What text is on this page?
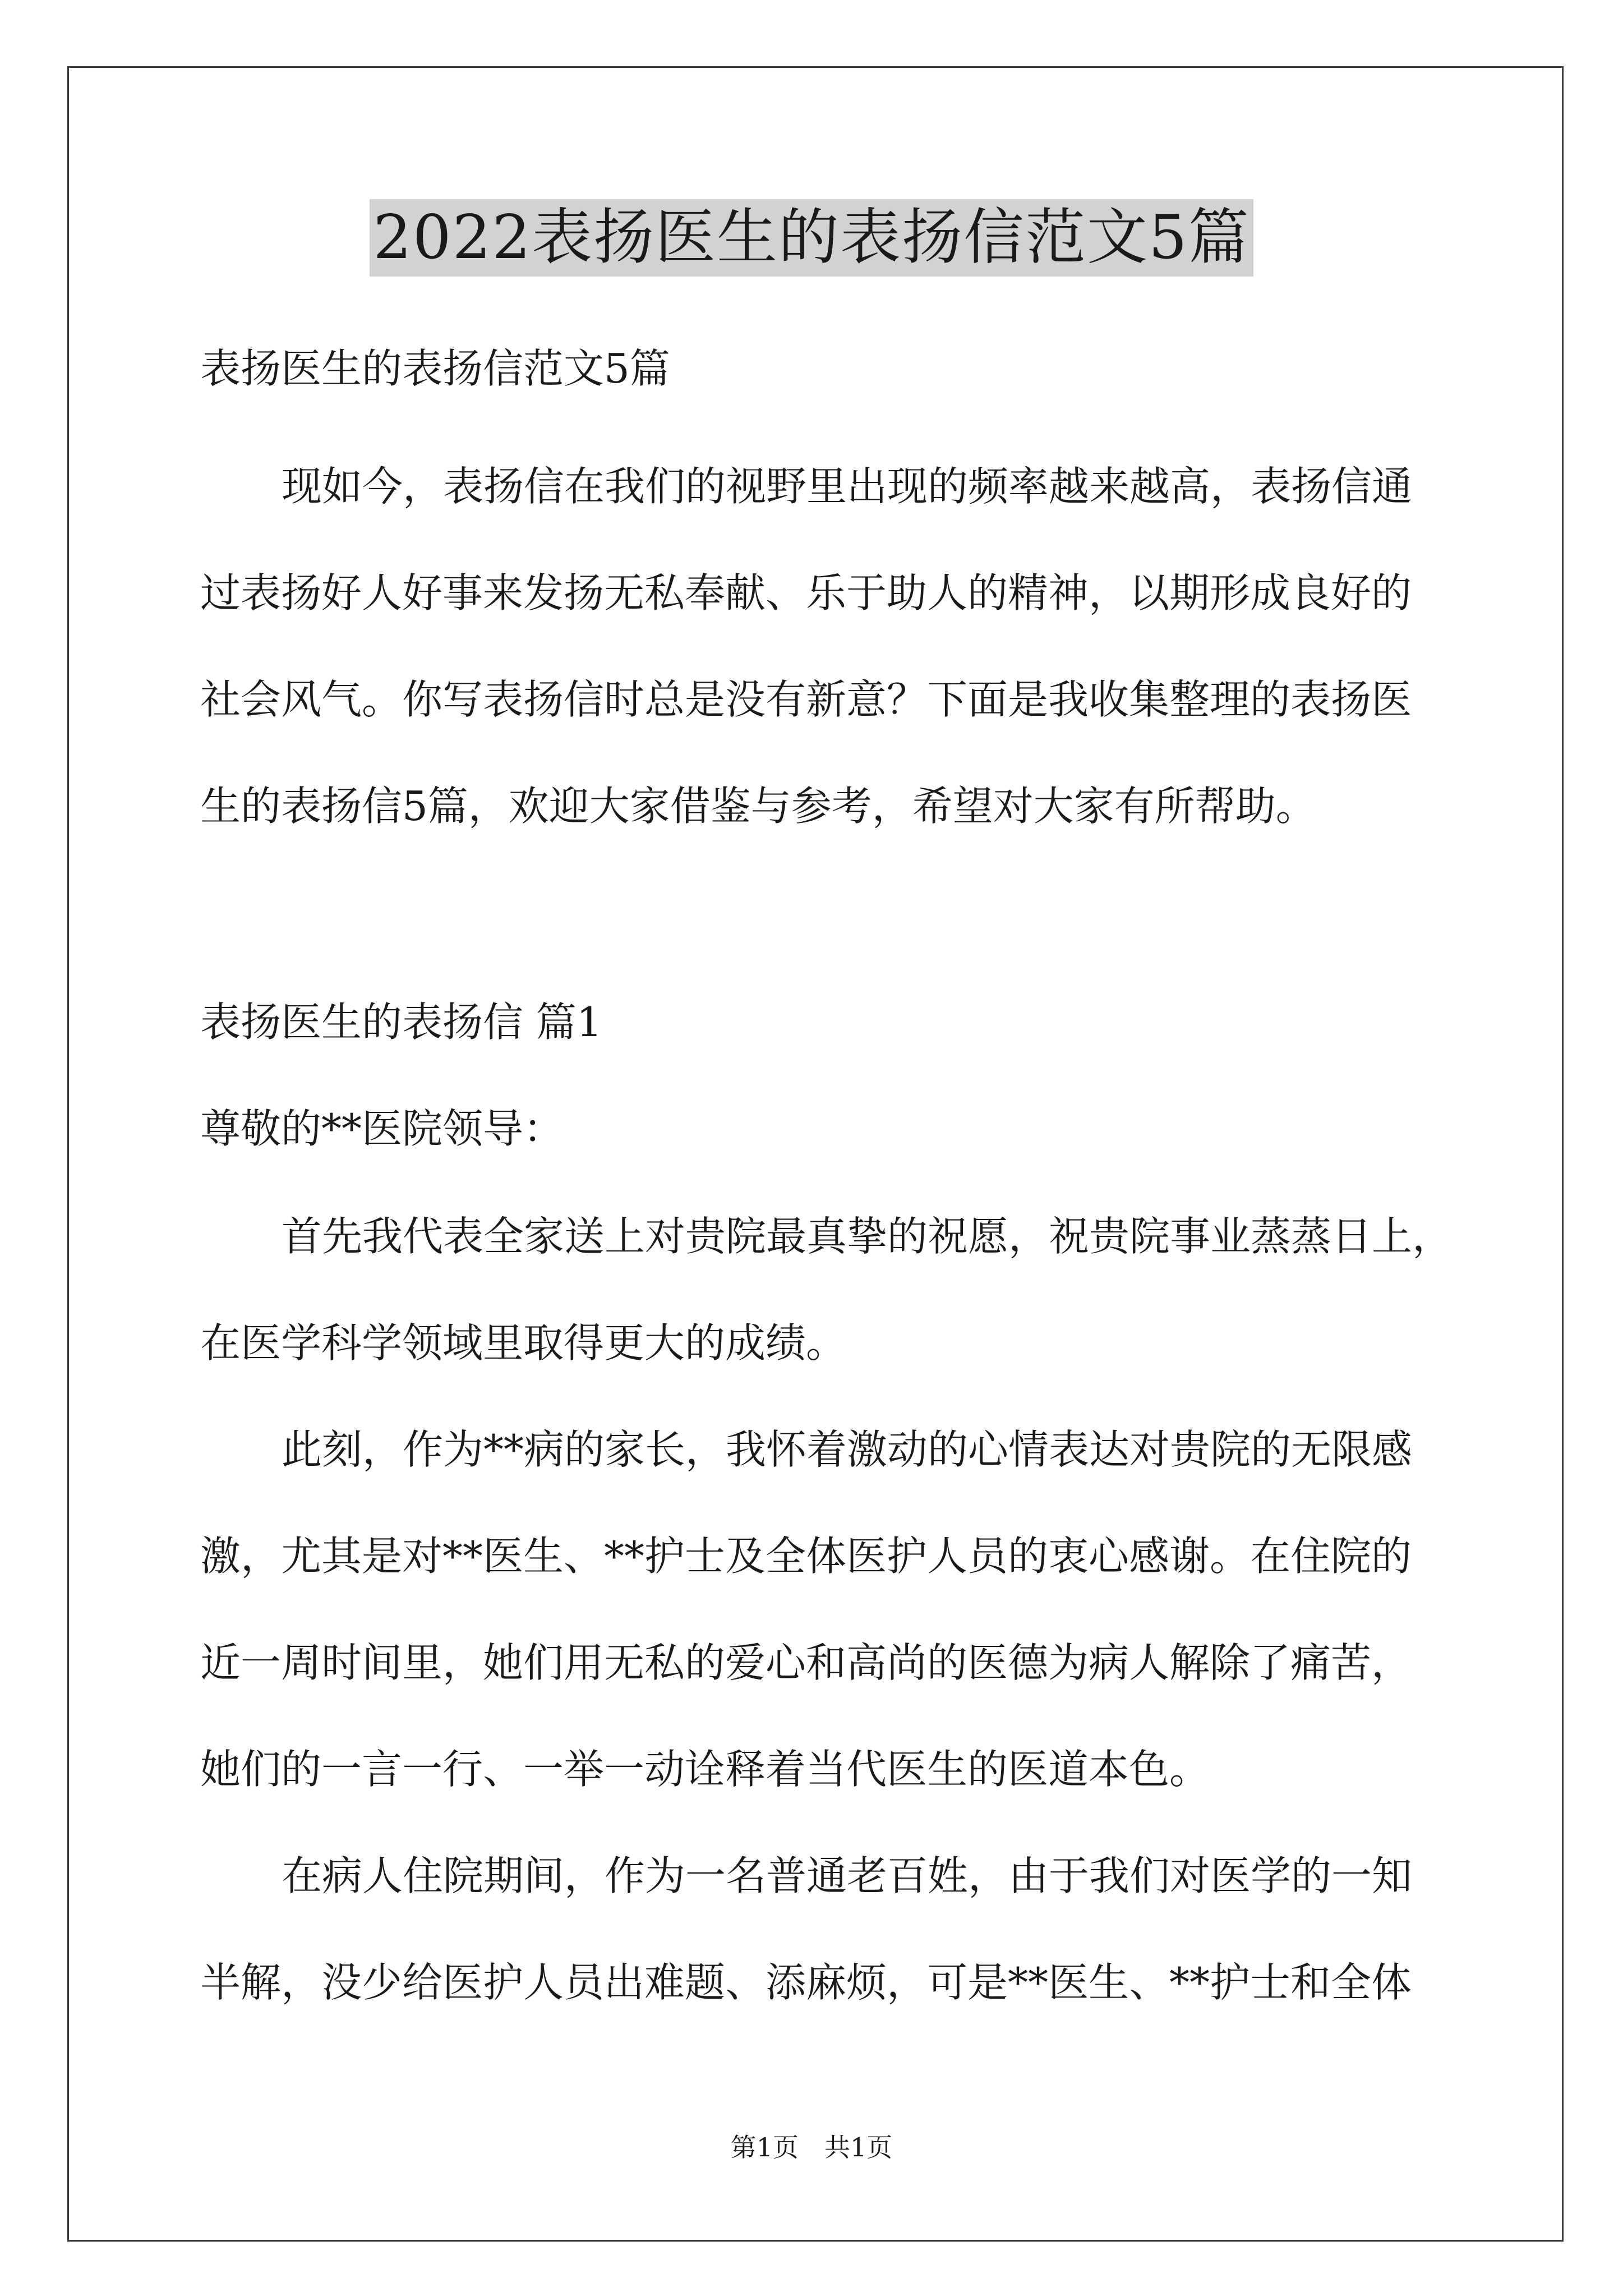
2022表扬医生的表扬信范文5篇
表扬医生的表扬信范文5篇
现如今，表扬信在我们的视野里出现的频率越来越高，表扬信通
过表扬好人好事来发扬无私奉献、乐于助人的精神，以期形成良好的
社会风气。你写表扬信时总是没有新意？下面是我收集整理的表扬医
生的表扬信5篇，欢迎大家借鉴与参考，希望对大家有所帮助。
表扬医生的表扬信 篇1
尊敬的**医院领导：
首先我代表全家送上对贵院最真挚的祝愿，祝贵院事业蒸蒸日上，
在医学科学领域里取得更大的成绩。
此刻，作为**病的家长，我怀着激动的心情表达对贵院的无限感
激，尤其是对**医生、**护士及全体医护人员的衷心感谢。在住院的
近一周时间里，她们用无私的爱心和高尚的医德为病人解除了痛苦，
她们的一言一行、一举一动诠释着当代医生的医道本色。
在病人住院期间，作为一名普通老百姓，由于我们对医学的一知
半解，没少给医护人员出难题、添麻烦，可是**医生、**护士和全体
第1页　共1页
